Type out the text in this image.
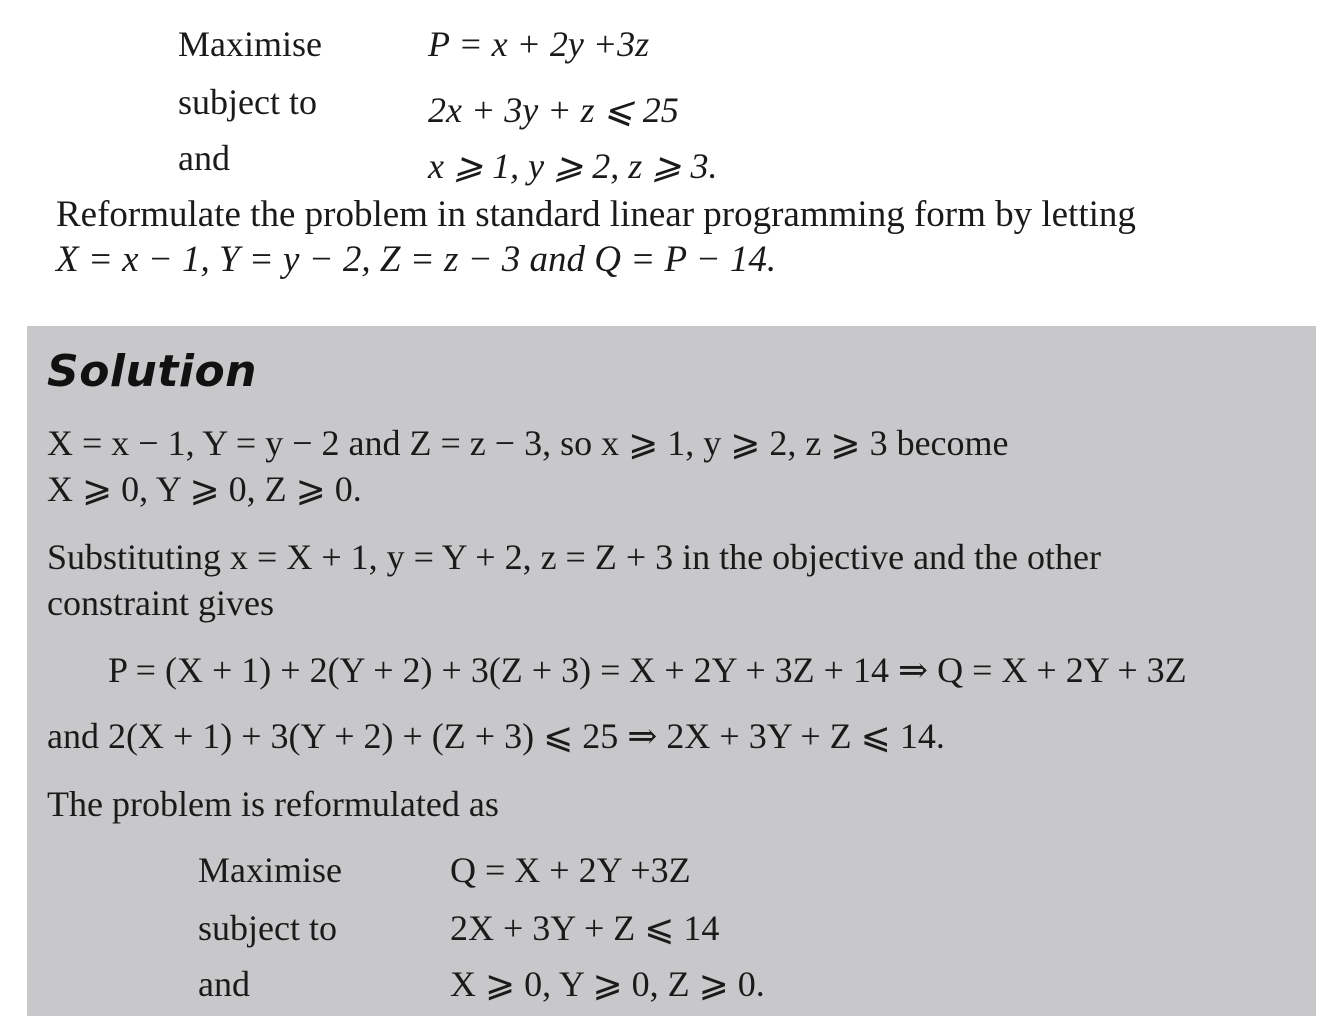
Maximise	P = x + 2y +3z
subject to	2x + 3y + z ⩽ 25
and	x ⩾ 1, y ⩾ 2, z ⩾ 3.
Reformulate the problem in standard linear programming form by letting
X = x − 1, Y = y − 2, Z = z − 3 and Q = P − 14.
Solution
X = x − 1, Y = y − 2 and Z = z − 3, so x ⩾ 1, y ⩾ 2, z ⩾ 3 become
X ⩾ 0, Y ⩾ 0, Z ⩾ 0.
Substituting x = X + 1, y = Y + 2, z = Z + 3 in the objective and the other
constraint gives
P = (X + 1) + 2(Y + 2) + 3(Z + 3) = X + 2Y + 3Z + 14 ⇒ Q = X + 2Y + 3Z
and 2(X + 1) + 3(Y + 2) + (Z + 3) ⩽ 25 ⇒ 2X + 3Y + Z ⩽ 14.
The problem is reformulated as
Maximise	Q = X + 2Y +3Z
subject to	2X + 3Y + Z ⩽ 14
and	X ⩾ 0, Y ⩾ 0, Z ⩾ 0.
